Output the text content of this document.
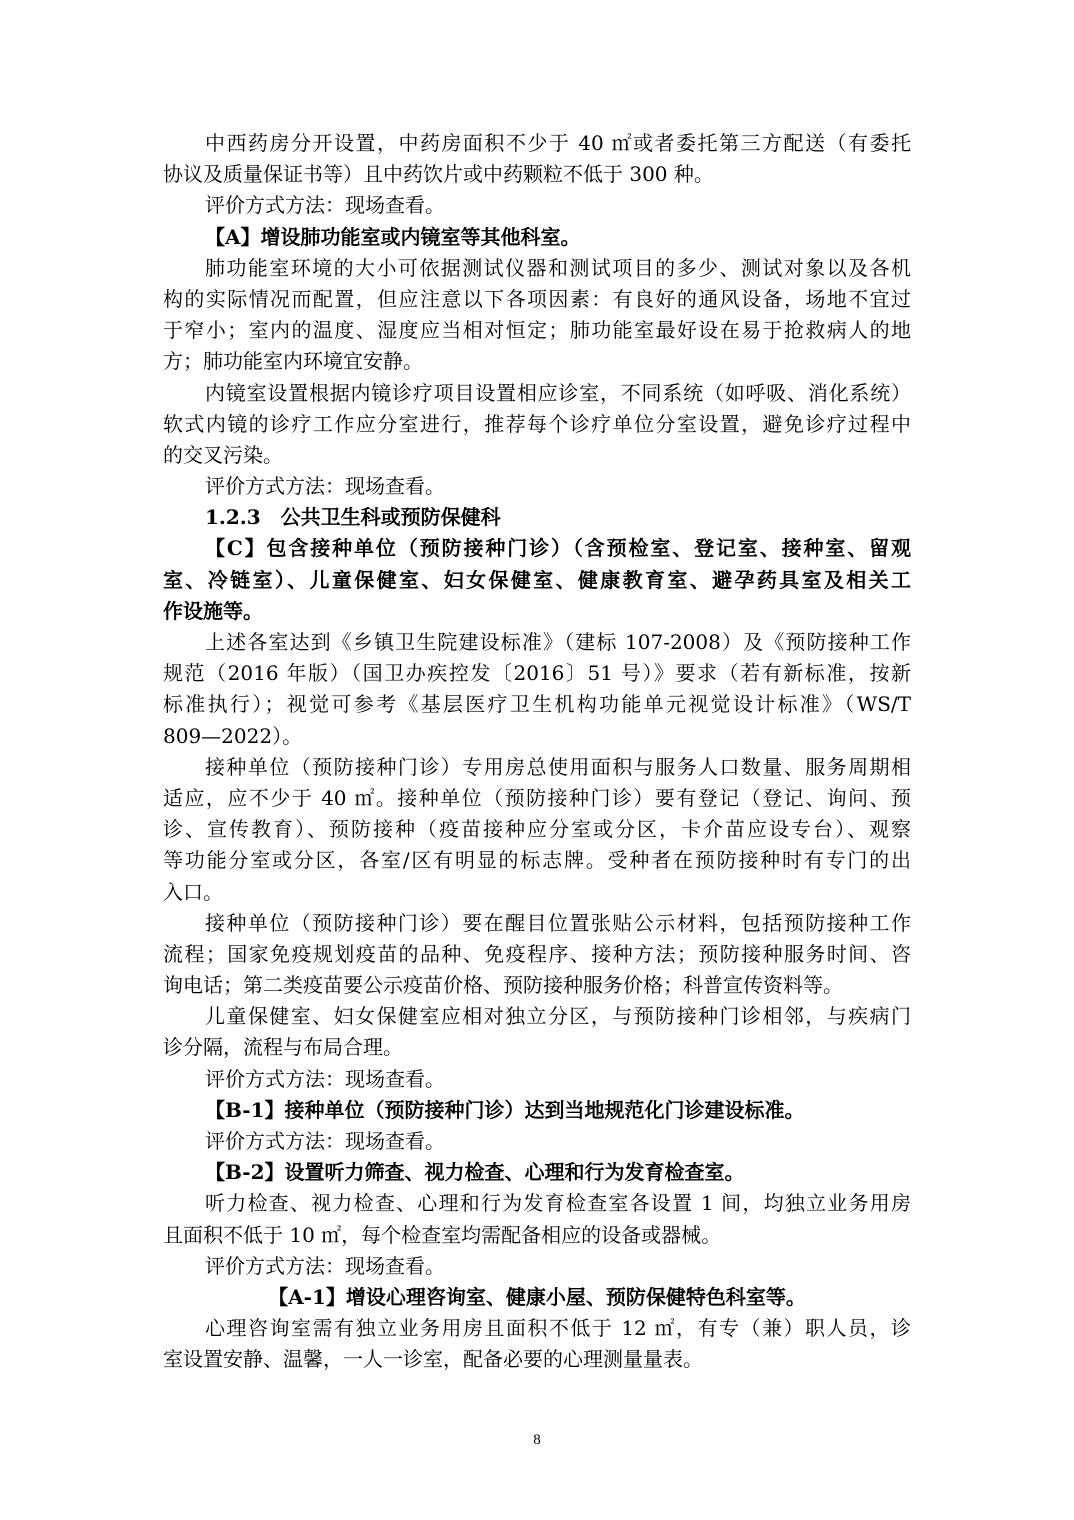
中西药房分开设置，中药房面积不少于 40 ㎡或者委托第三方配送（有委托
协议及质量保证书等）且中药饮片或中药颗粒不低于 300 种。
评价方式方法：现场查看。
【A】增设肺功能室或内镜室等其他科室。
肺功能室环境的大小可依据测试仪器和测试项目的多少、测试对象以及各机
构的实际情况而配置，但应注意以下各项因素：有良好的通风设备，场地不宜过
于窄小；室内的温度、湿度应当相对恒定；肺功能室最好设在易于抢救病人的地
方；肺功能室内环境宜安静。
内镜室设置根据内镜诊疗项目设置相应诊室，不同系统（如呼吸、消化系统）
软式内镜的诊疗工作应分室进行，推荐每个诊疗单位分室设置，避免诊疗过程中
的交叉污染。
评价方式方法：现场查看。
1.2.3　公共卫生科或预防保健科
【C】包含接种单位（预防接种门诊）（含预检室、登记室、接种室、留观
室、冷链室）、儿童保健室、妇女保健室、健康教育室、避孕药具室及相关工
作设施等。
上述各室达到《乡镇卫生院建设标准》（建标 107-2008）及《预防接种工作
规范（2016 年版）（国卫办疾控发〔2016〕51 号）》要求（若有新标准，按新
标准执行）；视觉可参考《基层医疗卫生机构功能单元视觉设计标准》（WS/T
809—2022）。
接种单位（预防接种门诊）专用房总使用面积与服务人口数量、服务周期相
适应，应不少于 40 ㎡。接种单位（预防接种门诊）要有登记（登记、询问、预
诊、宣传教育）、预防接种（疫苗接种应分室或分区，卡介苗应设专台）、观察
等功能分室或分区，各室/区有明显的标志牌。受种者在预防接种时有专门的出
入口。
接种单位（预防接种门诊）要在醒目位置张贴公示材料，包括预防接种工作
流程；国家免疫规划疫苗的品种、免疫程序、接种方法；预防接种服务时间、咨
询电话；第二类疫苗要公示疫苗价格、预防接种服务价格；科普宣传资料等。
儿童保健室、妇女保健室应相对独立分区，与预防接种门诊相邻，与疾病门
诊分隔，流程与布局合理。
评价方式方法：现场查看。
【B-1】接种单位（预防接种门诊）达到当地规范化门诊建设标准。
评价方式方法：现场查看。
【B-2】设置听力筛查、视力检查、心理和行为发育检查室。
听力检查、视力检查、心理和行为发育检查室各设置 1 间，均独立业务用房
且面积不低于 10 ㎡，每个检查室均需配备相应的设备或器械。
评价方式方法：现场查看。
【A-1】增设心理咨询室、健康小屋、预防保健特色科室等。
心理咨询室需有独立业务用房且面积不低于 12 ㎡，有专（兼）职人员，诊
室设置安静、温馨，一人一诊室，配备必要的心理测量量表。
8
